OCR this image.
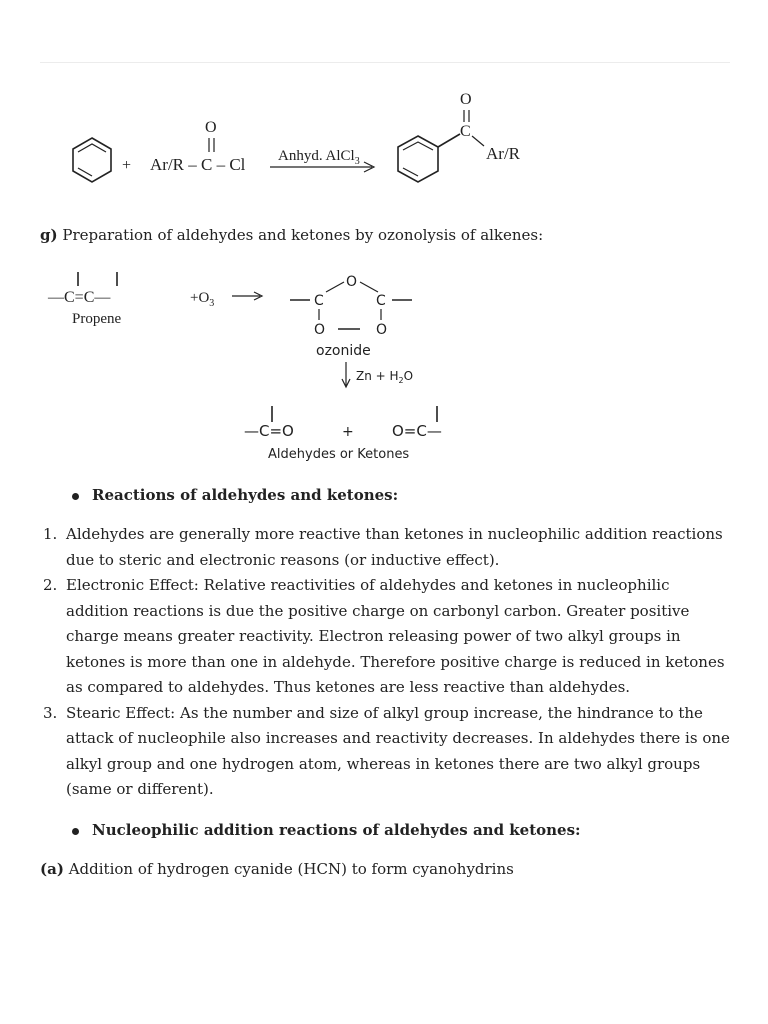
+ Ar/R – C – Cl
O
Anhyd. AlCl$_3$
O
C
Ar/R
g) Preparation of aldehydes and ketones by ozonolysis of alkenes:
—C=C—
Propene
$+O_3$
O
C	C
O	O
ozonide
$Zn + H_2O$
—C=O	+	O=C—
Aldehydes or Ketones
Reactions of aldehydes and ketones:
1. Aldehydes are generally more reactive than ketones in nucleophilic addition reactions due to steric and electronic reasons (or inductive effect).
2. Electronic Effect: Relative reactivities of aldehydes and ketones in nucleophilic addition reactions is due the positive charge on carbonyl carbon. Greater positive charge means greater reactivity. Electron releasing power of two alkyl groups in ketones is more than one in aldehyde. Therefore positive charge is reduced in ketones as compared to aldehydes. Thus ketones are less reactive than aldehydes.
3. Stearic Effect: As the number and size of alkyl group increase, the hindrance to the attack of nucleophile also increases and reactivity decreases. In aldehydes there is one alkyl group and one hydrogen atom, whereas in ketones there are two alkyl groups (same or different).
Nucleophilic addition reactions of aldehydes and ketones:
(a) Addition of hydrogen cyanide (HCN) to form cyanohydrins
